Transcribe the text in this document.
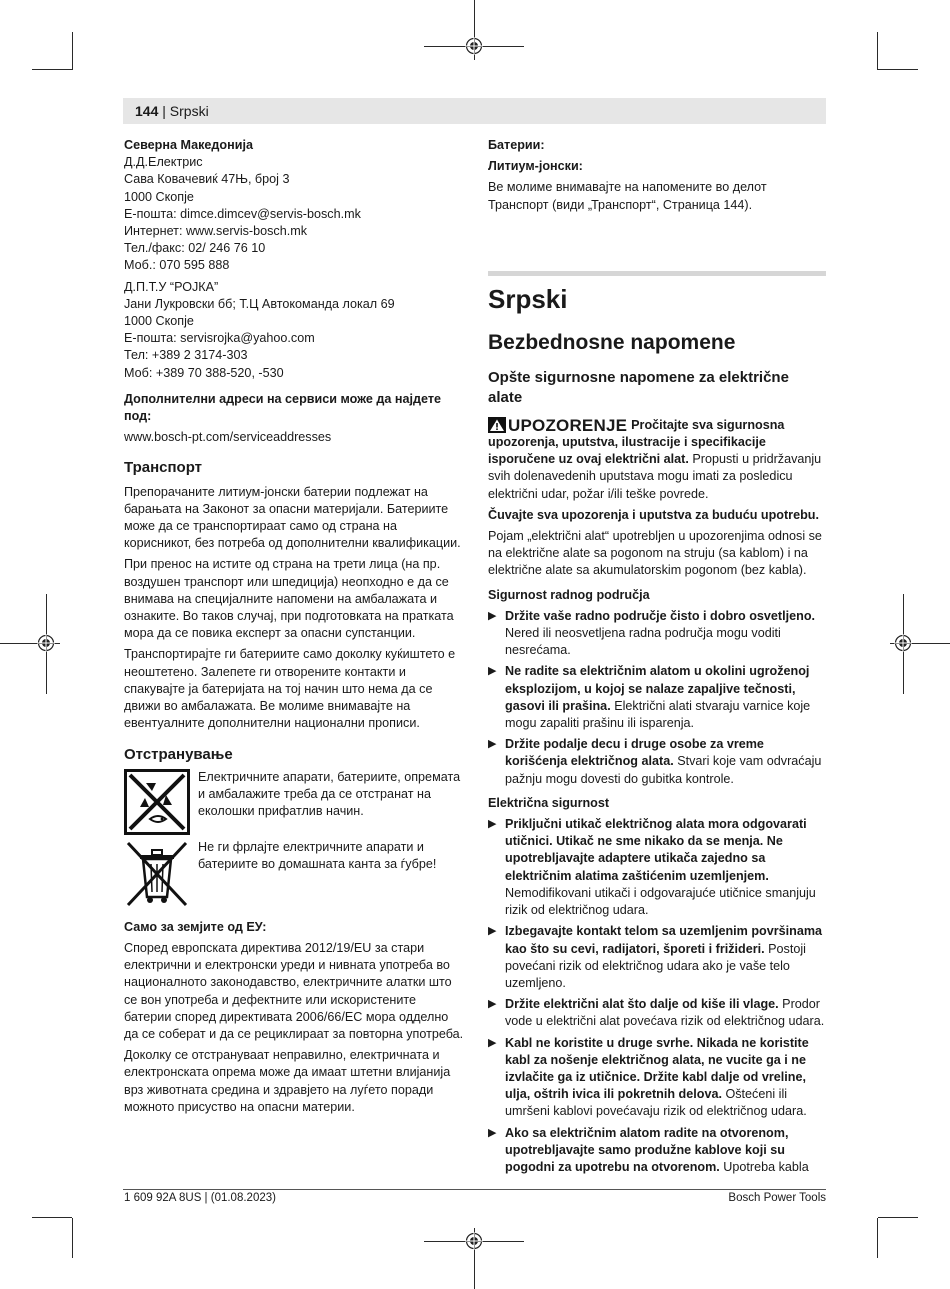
144 | Srpski

Северна Македонија

Д.Д.Електрис

Сава Ковачевиќ 47Њ, број 3

1000 Скопје

Е-пошта: dimce.dimcev@servis-bosch.mk

Интернет: www.servis-bosch.mk

Тел./факс: 02/ 246 76 10

Моб.: 070 595 888

Д.П.Т.У “РОЈКА”

Јани Лукровски бб; Т.Ц Автокоманда локал 69

1000 Скопје

Е-пошта: servisrojka@yahoo.com

Тел: +389 2 3174-303

Моб: +389 70 388-520, -530

Дополнителни адреси на сервиси може да најдете под:

www.bosch-pt.com/serviceaddresses

Транспорт

Препорачаните литиум-јонски батерии подлежат на барањата на Законот за опасни материјали. Батериите може да се транспортираат само од страна на корисникот, без потреба од дополнителни квалификации.

При пренос на истите од страна на трети лица (на пр. воздушен транспорт или шпедиција) неопходно е да се внимава на специјалните напомени на амбалажата и ознаките. Во таков случај, при подготовката на пратката мора да се повика експерт за опасни супстанции.

Транспортирајте ги батериите само доколку куќиштето е неоштетено. Залепете ги отворените контакти и спакувајте ја батеријата на тој начин што нема да се движи во амбалажата. Ве молиме внимавајте на евентуалните дополнителни национални прописи.

Отстранување

Електричните апарати, батериите, опремата и амбалажите треба да се отстранат на еколошки прифатлив начин.

Не ги фрлајте електричните апарати и батериите во домашната канта за ѓубре!

Само за земјите од ЕУ:

Според европската директива 2012/19/EU за стари електрични и електронски уреди и нивната употреба во националното законодавство, електричните алатки што се вон употреба и дефектните или искористените батерии според директивата 2006/66/ЕС мора одделно да се соберат и да се рециклираат за повторна употреба.

Доколку се отстрануваат неправилно, електричната и електронската опрема може да имаат штетни влијанија врз животната средина и здравјето на луѓето поради можното присуство на опасни материи.

Батерии:

Литиум-јонски:

Ве молиме внимавајте на напомените во делот Транспорт (види „Транспорт“, Страница 144).

Srpski

Bezbednosne napomene

Opšte sigurnosne napomene za električne alate

UPOZORENJE Pročitajte sva sigurnosna upozorenja, uputstva, ilustracije i specifikacije isporučene uz ovaj električni alat. Propusti u pridržavanju svih dolenavedenih uputstava mogu imati za posledicu električni udar, požar i/ili teške povrede.

Čuvajte sva upozorenja i uputstva za buduću upotrebu.

Pojam „električni alat“ upotrebljen u upozorenjima odnosi se na električne alate sa pogonom na struju (sa kablom) i na električne alate sa akumulatorskim pogonom (bez kabla).

Sigurnost radnog područja

▶ Držite vaše radno područje čisto i dobro osvetljeno. Nered ili neosvetljena radna područja mogu voditi nesrećama.
▶ Ne radite sa električnim alatom u okolini ugroženoj eksplozijom, u kojoj se nalaze zapaljive tečnosti, gasovi ili prašina. Električni alati stvaraju varnice koje mogu zapaliti prašinu ili isparenja.
▶ Držite podalje decu i druge osobe za vreme korišćenja električnog alata. Stvari koje vam odvraćaju pažnju mogu dovesti do gubitka kontrole.

Električna sigurnost

▶ Priključni utikač električnog alata mora odgovarati utičnici. Utikač ne sme nikako da se menja. Ne upotrebljavajte adaptere utikača zajedno sa električnim alatima zaštićenim uzemljenjem. Nemodifikovani utikači i odgovarajuće utičnice smanjuju rizik od električnog udara.
▶ Izbegavajte kontakt telom sa uzemljenim površinama kao što su cevi, radijatori, šporeti i frižideri. Postoji povećani rizik od električnog udara ako je vaše telo uzemljeno.
▶ Držite električni alat što dalje od kiše ili vlage. Prodor vode u električni alat povećava rizik od električnog udara.
▶ Kabl ne koristite u druge svrhe. Nikada ne koristite kabl za nošenje električnog alata, ne vucite ga i ne izvlačite ga iz utičnice. Držite kabl dalje od vreline, ulja, oštrih ivica ili pokretnih delova. Oštećeni ili umršeni kablovi povećavaju rizik od električnog udara.
▶ Ako sa električnim alatom radite na otvorenom, upotrebljavajte samo produžne kablove koji su pogodni za upotrebu na otvorenom. Upotreba kabla
1 609 92A 8US | (01.08.2023)	Bosch Power Tools
